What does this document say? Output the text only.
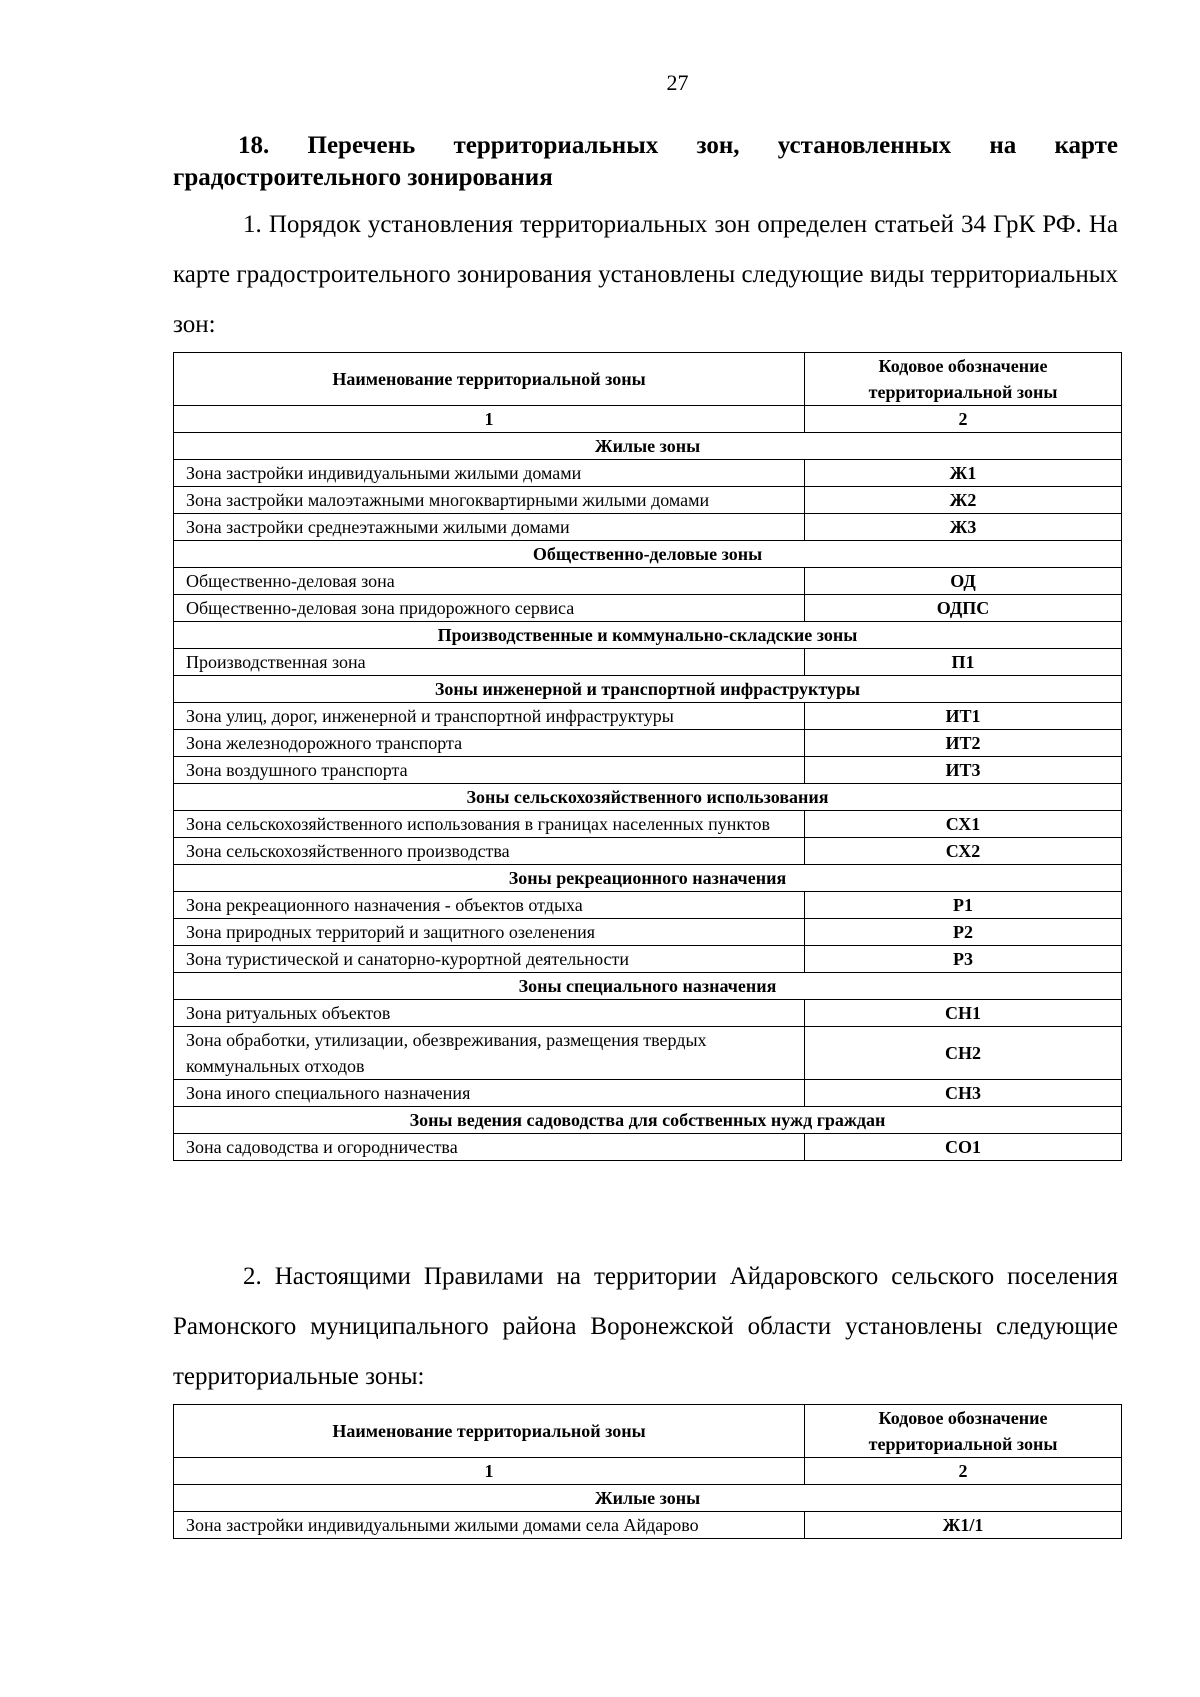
27
18. Перечень территориальных зон, установленных на карте градостроительного зонирования
1. Порядок установления территориальных зон определен статьей 34 ГрК РФ. На карте градостроительного зонирования установлены следующие виды территориальных зон:
Наименование территориальной зоны	Кодовое обозначение территориальной зоны
1	2
Жилые зоны	
Зона застройки индивидуальными жилыми домами	Ж1
Зона застройки малоэтажными многоквартирными жилыми домами	Ж2
Зона застройки среднеэтажными жилыми домами	Ж3
Общественно-деловые зоны	
Общественно-деловая зона	ОД
Общественно-деловая зона придорожного сервиса	ОДПС
Производственные и коммунально-складские зоны	
Производственная зона	П1
Зоны инженерной и транспортной инфраструктуры	
Зона улиц, дорог, инженерной и транспортной инфраструктуры	ИТ1
Зона железнодорожного транспорта	ИТ2
Зона воздушного транспорта	ИТ3
Зоны сельскохозяйственного использования	
Зона сельскохозяйственного использования в границах населенных пунктов	СХ1
Зона сельскохозяйственного производства	СХ2
Зоны рекреационного назначения	
Зона рекреационного назначения - объектов отдыха	Р1
Зона природных территорий и защитного озеленения	Р2
Зона туристической и санаторно-курортной деятельности	Р3
Зоны специального назначения	
Зона ритуальных объектов	СН1
Зона обработки, утилизации, обезвреживания, размещения твердых коммунальных отходов	СН2
Зона иного специального назначения	СН3
Зоны ведения садоводства для собственных нужд граждан	
Зона садоводства и огородничества	СО1
2. Настоящими Правилами на территории Айдаровского сельского поселения Рамонского муниципального района Воронежской области установлены следующие территориальные зоны:
Наименование территориальной зоны	Кодовое обозначение территориальной зоны
1	2
Жилые зоны	
Зона застройки индивидуальными жилыми домами села Айдарово	Ж1/1
